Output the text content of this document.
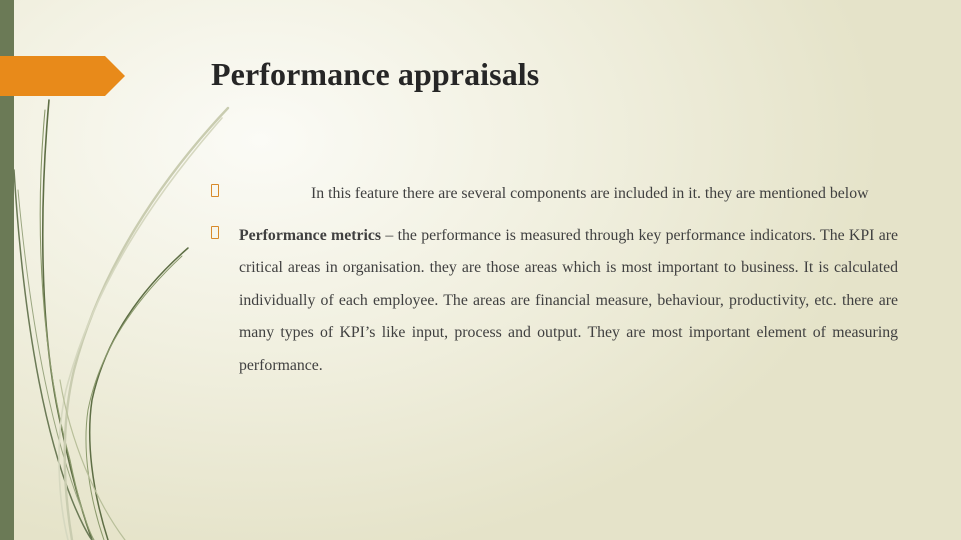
Performance appraisals

In this feature there are several components are included in it. they are mentioned below

Performance metrics – the performance is measured through key performance indicators. The KPI are critical areas in organisation. they are those areas which is most important to business. It is calculated individually of each employee. The areas are financial measure, behaviour, productivity, etc. there are many types of KPI’s like input, process and output. They are most important element of measuring performance.
